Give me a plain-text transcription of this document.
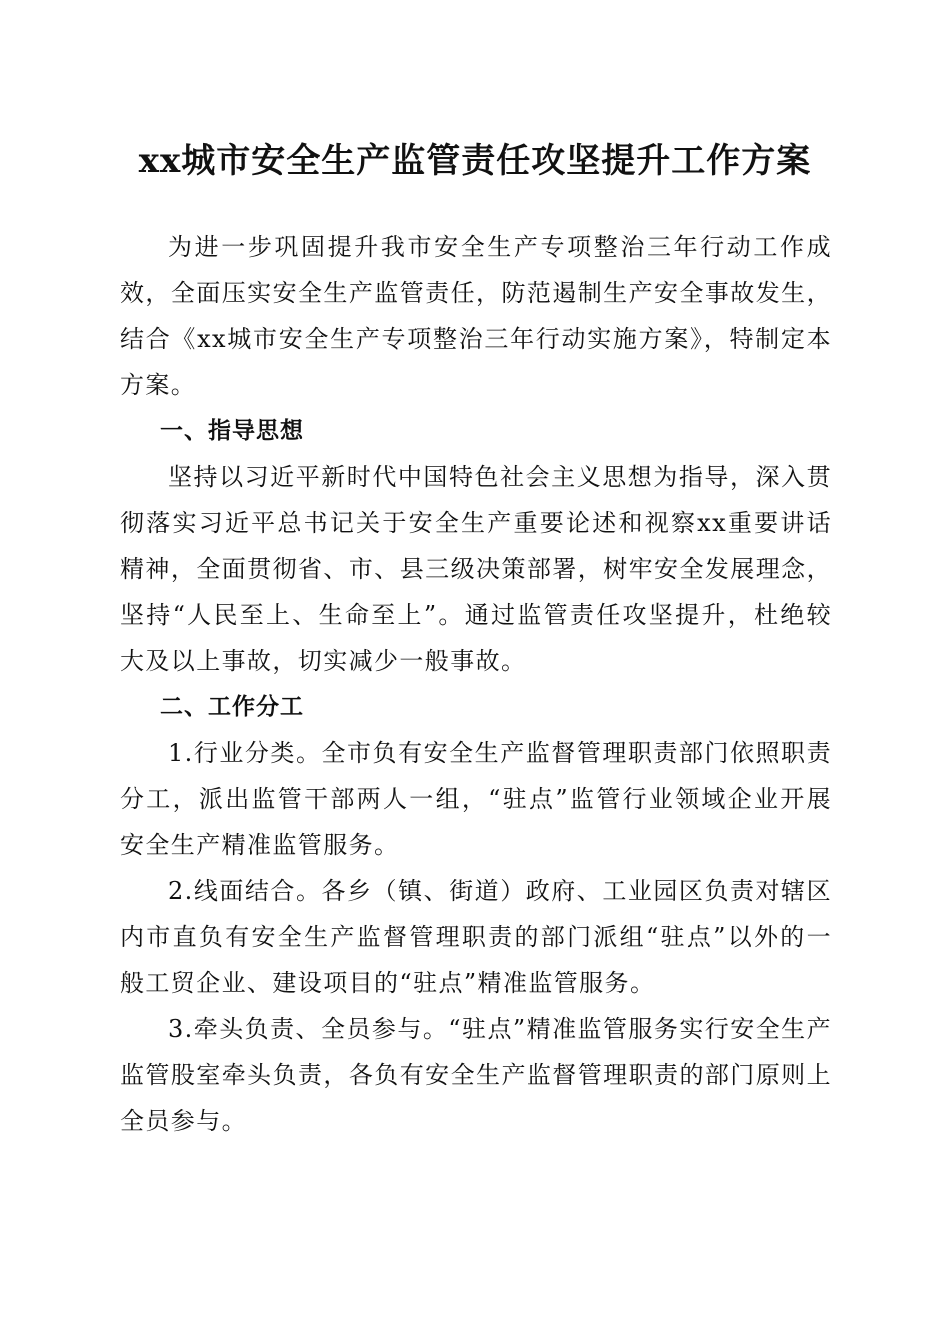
xx城市安全生产监管责任攻坚提升工作方案

为进一步巩固提升我市安全生产专项整治三年行动工作成效，全面压实安全生产监管责任，防范遏制生产安全事故发生，结合《xx城市安全生产专项整治三年行动实施方案》，特制定本方案。

一、指导思想

坚持以习近平新时代中国特色社会主义思想为指导，深入贯彻落实习近平总书记关于安全生产重要论述和视察xx重要讲话精神，全面贯彻省、市、县三级决策部署，树牢安全发展理念，坚持“人民至上、生命至上”。通过监管责任攻坚提升，杜绝较大及以上事故，切实减少一般事故。

二、工作分工

1.行业分类。全市负有安全生产监督管理职责部门依照职责分工，派出监管干部两人一组，“驻点”监管行业领域企业开展安全生产精准监管服务。

2.线面结合。各乡（镇、街道）政府、工业园区负责对辖区内市直负有安全生产监督管理职责的部门派组“驻点”以外的一般工贸企业、建设项目的“驻点”精准监管服务。

3.牵头负责、全员参与。“驻点”精准监管服务实行安全生产监管股室牵头负责，各负有安全生产监督管理职责的部门原则上全员参与。
